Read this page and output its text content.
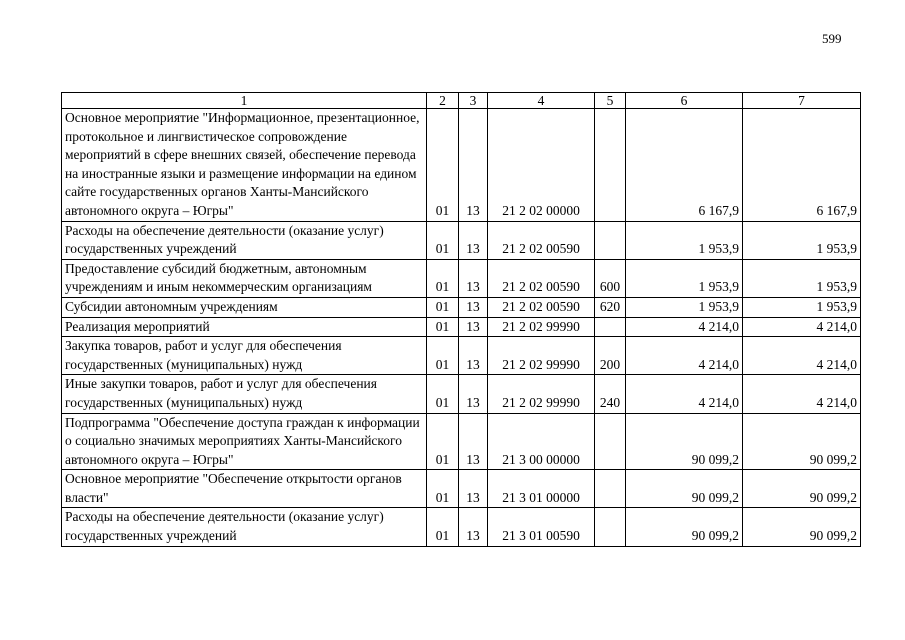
599
1	2	3	4	5	6	7
Основное мероприятие "Информационное, презентационное, протокольное и лингвистическое сопровождение мероприятий в сфере внешних связей, обеспечение перевода на иностранные языки и размещение информации на едином сайте государственных органов Ханты-Мансийского автономного округа – Югры"	01	13	21 2 02 00000		6 167,9	6 167,9
Расходы на обеспечение деятельности (оказание услуг) государственных учреждений	01	13	21 2 02 00590		1 953,9	1 953,9
Предоставление субсидий бюджетным, автономным учреждениям и иным некоммерческим организациям	01	13	21 2 02 00590	600	1 953,9	1 953,9
Субсидии автономным учреждениям	01	13	21 2 02 00590	620	1 953,9	1 953,9
Реализация мероприятий	01	13	21 2 02 99990		4 214,0	4 214,0
Закупка товаров, работ и услуг для обеспечения государственных (муниципальных) нужд	01	13	21 2 02 99990	200	4 214,0	4 214,0
Иные закупки товаров, работ и услуг для обеспечения государственных (муниципальных) нужд	01	13	21 2 02 99990	240	4 214,0	4 214,0
Подпрограмма "Обеспечение доступа граждан к информации о социально значимых мероприятиях Ханты-Мансийского автономного округа – Югры"	01	13	21 3 00 00000		90 099,2	90 099,2
Основное мероприятие "Обеспечение открытости органов власти"	01	13	21 3 01 00000		90 099,2	90 099,2
Расходы на обеспечение деятельности (оказание услуг) государственных учреждений	01	13	21 3 01 00590		90 099,2	90 099,2
